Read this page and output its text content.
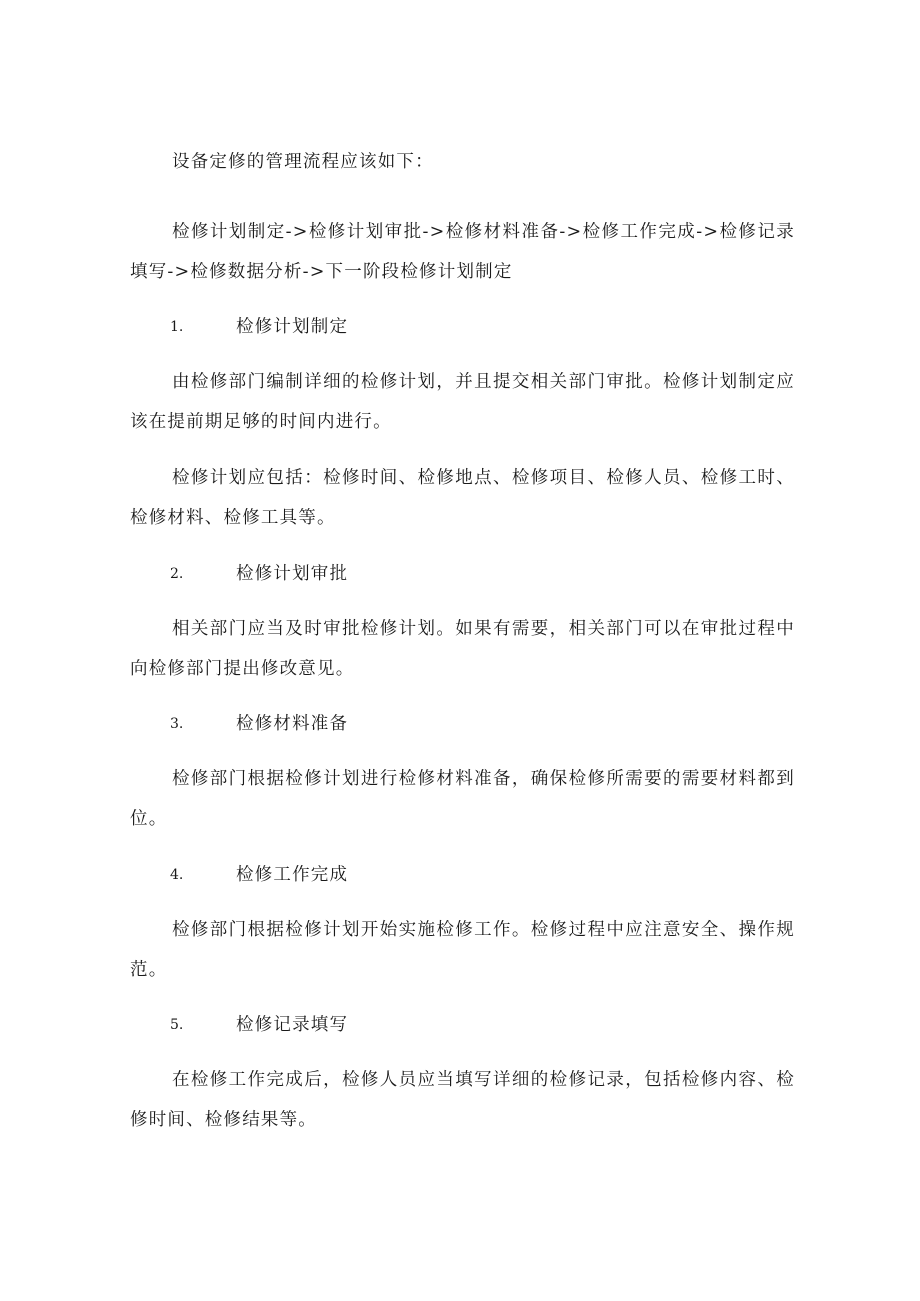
设备定修的管理流程应该如下：

检修计划制定->检修计划审批->检修材料准备->检修工作完成->检修记录填写->检修数据分析->下一阶段检修计划制定

1.	检修计划制定

由检修部门编制详细的检修计划，并且提交相关部门审批。检修计划制定应该在提前期足够的时间内进行。

检修计划应包括：检修时间、检修地点、检修项目、检修人员、检修工时、检修材料、检修工具等。

2.	检修计划审批

相关部门应当及时审批检修计划。如果有需要，相关部门可以在审批过程中向检修部门提出修改意见。

3.	检修材料准备

检修部门根据检修计划进行检修材料准备，确保检修所需要的需要材料都到位。

4.	检修工作完成

检修部门根据检修计划开始实施检修工作。检修过程中应注意安全、操作规范。

5.	检修记录填写

在检修工作完成后，检修人员应当填写详细的检修记录，包括检修内容、检修时间、检修结果等。
